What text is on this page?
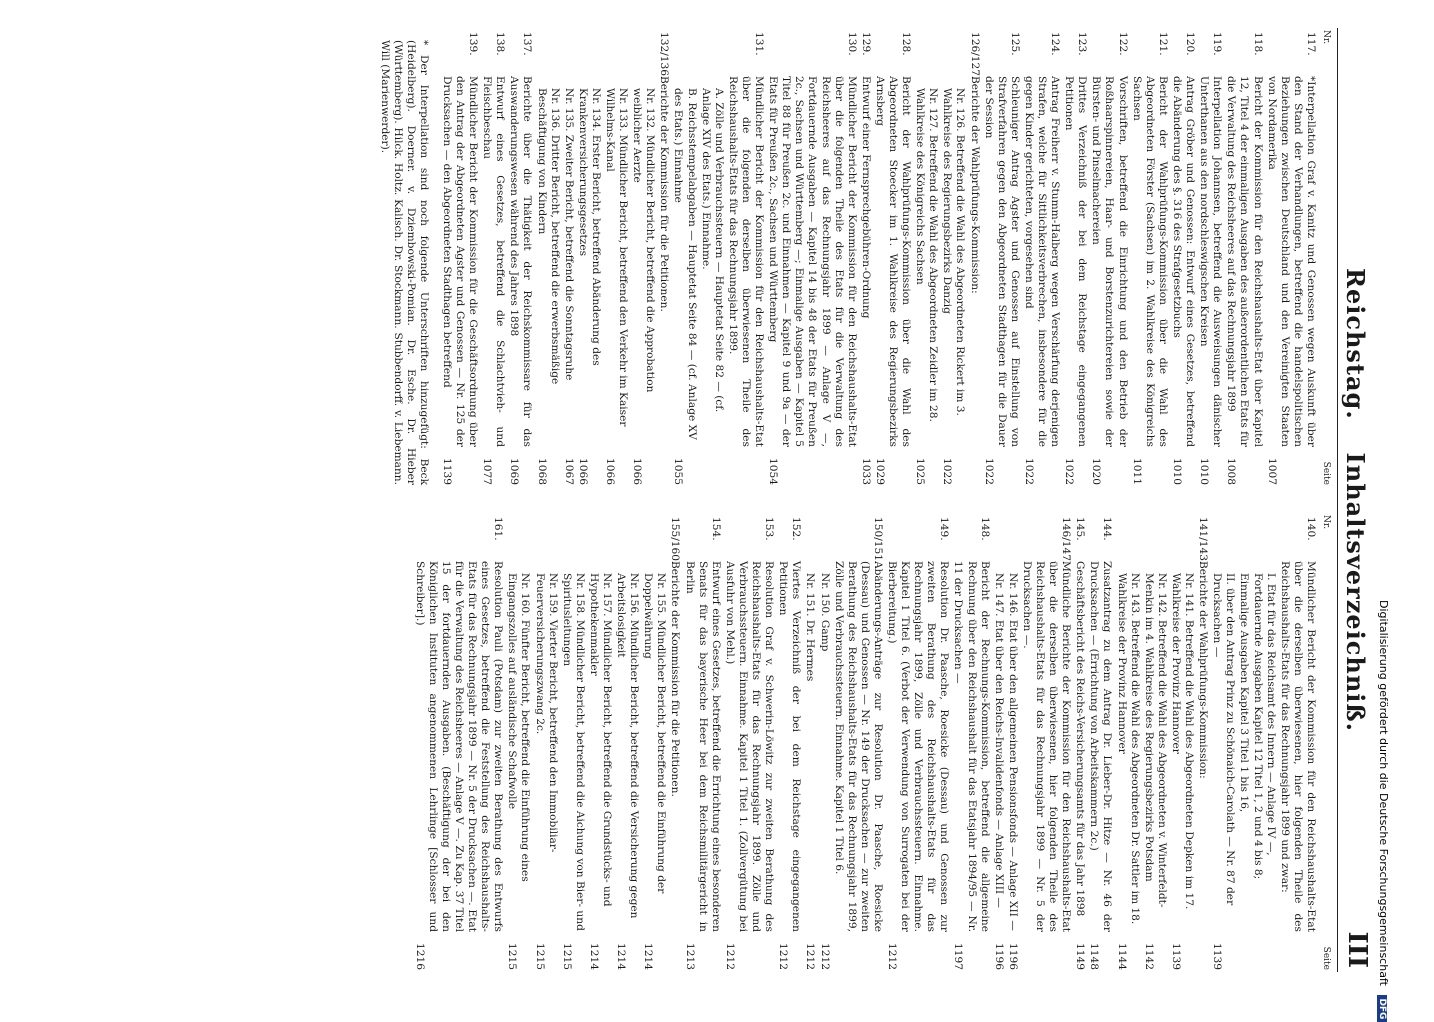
Reichstag.
Inhaltsverzeichniß.
III
Nr.
Seite
117.
*Interpellation Graf v. Kanitz und Genossen wegen Auskunft über den Stand der Verhandlungen, betreffend die handelspolitischen Beziehungen zwischen Deutschland und den Vereinigten Staaten von Nordamerika
1007
118.
Bericht der Kommission für den Reichshaushalts-Etat über Kapitel 12, Titel 4 der einmaligen Ausgaben des außerordentlichen Etats für die Verwaltung des Reichsheeres auf das Rechnungsjahr 1899
1008
119.
Interpellation Johannsen, betreffend die Ausweisungen dänischer Unterthanen aus den nordschleswigschen Kreisen
1010
120.
Antrag Gröber und Genossen: Entwurf eines Gesetzes, betreffend die Abänderung des §. 316 des Strafgesetzbuchs
1010
121.
Bericht der Wahlprüfungs-Kommission über die Wahl des Abgeordneten Förster (Sachsen) im 2. Wahlkreise des Königreichs Sachsen
1011
122.
Vorschriften, betreffend die Einrichtung und den Betrieb der Roßhaarspinnereien, Haar- und Borstenzurichtereien sowie der Bürsten- und Pinselmachereien
1020
123.
Drittes Verzeichniß der bei dem Reichstage eingegangenen Petitionen
1022
124.
Antrag Freiherr v. Stumm-Halberg wegen Verschärfung derjenigen Strafen, welche für Sittlichkeitsverbrechen, insbesondere für die gegen Kinder gerichteten, vorgesehen sind
1022
125.
Schleuniger Antrag Agster und Genossen auf Einstellung von Strafverfahren gegen den Abgeordneten Stadthagen für die Dauer der Session
1022
126/127.
Berichte der Wahlprüfungs-Kommission:
Nr. 126. Betreffend die Wahl des Abgeordneten Rickert im 3. Wahlkreise des Regierungsbezirks Danzig
1022
Nr. 127. Betreffend die Wahl des Abgeordneten Zeidler im 28. Wahlkreise des Königreichs Sachsen
1025
128.
Bericht der Wahlprüfungs-Kommission über die Wahl des Abgeordneten Stoecker im 1. Wahlkreise des Regierungsbezirks Arnsberg
1029
129.
Entwurf einer Fernsprechgebühren-Ordnung
1033
130.
Mündlicher Bericht der Kommission für den Reichshaushalts-Etat über die folgenden Theile des Etats für die Verwaltung des Reichsheeres auf das Rechnungsjahr 1899 — Anlage V —, Fortdauernde Ausgaben — Kapitel 14 bis 48 der Etats für Preußen 2c., Sachsen und Württemberg —; Einmalige Ausgaben — Kapitel 5 Titel 88 für Preußen 2c. und Einnahmen — Kapitel 9 und 9a — der Etats für Preußen 2c., Sachsen und Württemberg
1054
131.
Mündlicher Bericht der Kommission für den Reichshaushalts-Etat über die folgenden derselben überwiesenen Theile des Reichshaushalts-Etats für das Rechnungsjahr 1899.
A. Zölle und Verbrauchssteuern — Hauptetat Seite 82 — (cf. Anlage XIV des Etats.) Einnahme.
B. Reichsstempelabgaben — Hauptetat Seite 84 — (cf. Anlage XV des Etats.) Einnahme
1055
132/136.
Berichte der Kommission für die Petitionen.
Nr. 132. Mündlicher Bericht, betreffend die Approbation weiblicher Aerzte
1066
Nr. 133. Mündlicher Bericht, betreffend den Verkehr im Kaiser Wilhelms-Kanal
1066
Nr. 134. Erster Bericht, betreffend Abänderung des Krankenversicherungsgesetzes
1066
Nr. 135. Zweiter Bericht, betreffend die Sonntagsruhe
1067
Nr. 136. Dritter Bericht, betreffend die erwerbsmäßige Beschäftigung von Kindern
1068
137.
Berichte über die Thätigkeit der Reichskommissare für das Auswanderungswesen während des Jahres 1898
1069
138.
Entwurf eines Gesetzes, betreffend die Schlachtvieh- und Fleischbeschau
1077
139.
Mündlicher Bericht der Kommission für die Geschäftsordnung über den Antrag der Abgeordneten Agster und Genossen — Nr. 125 der Drucksachen — den Abgeordneten Stadthagen betreffend
1139
* Der Interpellation sind noch folgende Unterschriften hinzugefügt: Beck (Heidelberg). Doerner. v. Dziembowski-Pomian. Dr. Esche. Dr. Hieber (Württemberg). Hilck. Holtz. Kalisch. Dr. Stockmann. Stubbendorff. v. Liebemann. Will (Marienwerder).
Nr.
Seite
140.
Mündlicher Bericht der Kommission für den Reichshaushalts-Etat über die derselben überwiesenen, hier folgenden Theile des Reichshaushalts-Etats für das Rechnungsjahr 1899 und zwar:
I. Etat für das Reichsamt des Innern — Anlage IV —, Fortdauernde Ausgaben Kapitel 12 Titel 1, 2 und 4 bis 8; Einmalige Ausgaben Kapitel 3 Titel 1 bis 16,
II. über den Antrag Prinz zu Schönaich-Carolath — Nr. 87 der Drucksachen —
1139
141/143.
Berichte der Wahlprüfungs-Kommission:
Nr. 141. Betreffend die Wahl des Abgeordneten Depken im 17. Wahlkreise der Provinz Hannover
1139
Nr. 142. Betreffend die Wahl des Abgeordneten v. Winterfeldt-Menkin im 4. Wahlkreise des Regierungsbezirks Potsdam
1142
Nr. 143. Betreffend die Wahl des Abgeordneten Dr. Sattler im 18. Wahlkreise der Provinz Hannover
1144
144.
Zusatzantrag zu dem Antrag Dr. Lieber-Dr. Hitze — Nr. 46 der Drucksachen — (Errichtung von Arbeitskammern 2c.)
1148
145.
Geschäftsbericht des Reichs-Versicherungsamts für das Jahr 1898
1149
146/147.
Mündliche Berichte der Kommission für den Reichshaushalts-Etat über die derselben überwiesenen, hier folgenden Theile des Reichshaushalts-Etats für das Rechnungsjahr 1899 — Nr. 5 der Drucksachen —.
Nr. 146. Etat über den allgemeinen Pensionsfonds — Anlage XII —
1196
Nr. 147. Etat über den Reichs-Invalidenfonds — Anlage XIII —
1196
148.
Bericht der Rechnungs-Kommission, betreffend die allgemeine Rechnung über den Reichshaushalt für das Etatsjahr 1894/95 — Nr. 11 der Drucksachen —
1197
149.
Resolution Dr. Paasche, Roesicke (Dessau) und Genossen zur zweiten Berathung des Reichshaushalts-Etats für das Rechnungsjahr 1899, Zölle und Verbrauchssteuern. Einnahme. Kapitel 1 Titel 6. (Verbot der Verwendung von Surrogaten bei der Bierbereitung.)
1212
150/151.
Abänderungs-Anträge zur Resolution Dr. Paasche, Roesicke (Dessau) und Genossen — Nr. 149 der Drucksachen — zur zweiten Berathung des Reichshaushalts-Etats für das Rechnungsjahr 1899, Zölle und Verbrauchssteuern. Einnahme. Kapitel 1 Titel 6.
Nr. 150. Gamp
1212
Nr. 151. Dr. Hermes
1212
152.
Viertes Verzeichniß der bei dem Reichstage eingegangenen Petitionen
1212
153.
Resolution Graf v. Schwerin-Löwitz zur zweiten Berathung des Reichshaushalts-Etats für das Rechnungsjahr 1899. Zölle und Verbrauchssteuern. Einnahme. Kapitel 1 Titel 1. (Zollvergütung bei Ausfuhr von Mehl.)
1212
154.
Entwurf eines Gesetzes, betreffend die Errichtung eines besonderen Senats für das bayerische Heer bei dem Reichsmilitärgericht in Berlin
1213
155/160.
Berichte der Kommission für die Petitionen.
Nr. 155. Mündlicher Bericht, betreffend die Einführung der Doppelwährung
1214
Nr. 156. Mündlicher Bericht, betreffend die Versicherung gegen Arbeitslosigkeit
1214
Nr. 157. Mündlicher Bericht, betreffend die Grundstücks- und Hypothekenmakler
1214
Nr. 158. Mündlicher Bericht, betreffend die Aichung von Bier- und Spiritusleitungen
1215
Nr. 159. Vierter Bericht, betreffend den Immobiliar-Feuerversicherungszwang 2c.
1215
Nr. 160. Fünfter Bericht, betreffend die Einführung eines Eingangszolles auf ausländische Schafwolle
1215
161.
Resolution Pauli (Potsdam) zur zweiten Berathung des Entwurfs eines Gesetzes, betreffend die Feststellung des Reichshaushalts-Etats für das Rechnungsjahr 1899 — Nr. 5 der Drucksachen —. Etat für die Verwaltung des Reichsheeres — Anlage V —. Zu Kap. 37 Titel 15 der fortdauernden Ausgaben. (Beschäftigung der bei den Königlichen Instituten angenommenen Lehrlinge [Schlosser und Schreiber].)
1216	Digitalisierung gefördert durch die Deutsche Forschungsgemeinschaft DFG
